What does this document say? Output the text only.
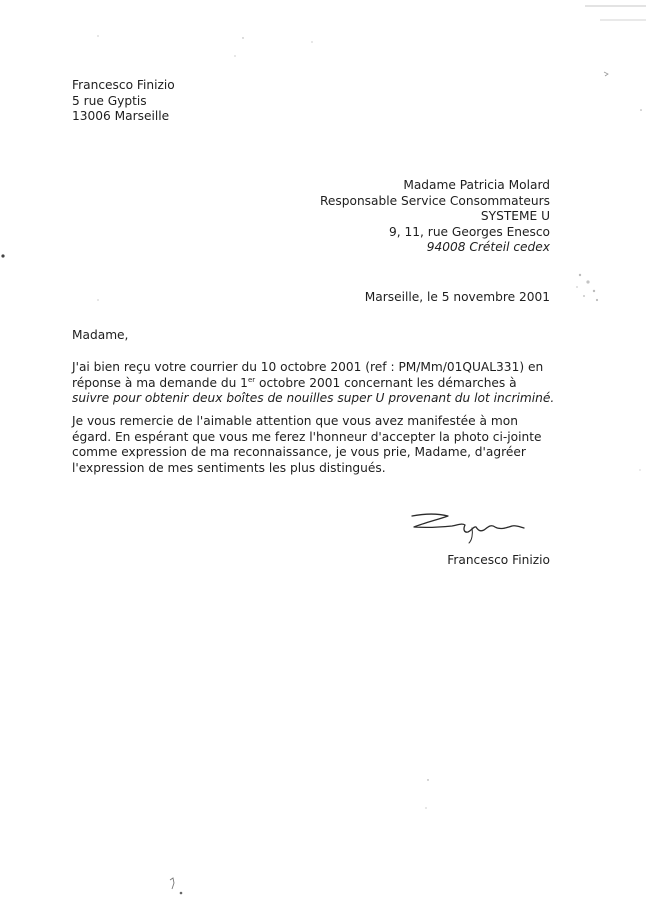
Francesco Finizio
5 rue Gyptis
13006 Marseille
Madame Patricia Molard
Responsable Service Consommateurs
SYSTEME U
9, 11, rue Georges Enesco
94008 Créteil cedex
Marseille, le 5 novembre 2001
Madame,
J'ai bien reçu votre courrier du 10 octobre 2001 (ref : PM/Mm/01QUAL331) en
réponse à ma demande du 1er octobre 2001 concernant les démarches à
suivre pour obtenir deux boîtes de nouilles super U provenant du lot incriminé.
Je vous remercie de l'aimable attention que vous avez manifestée à mon
égard. En espérant que vous me ferez l'honneur d'accepter la photo ci-jointe
comme expression de ma reconnaissance, je vous prie, Madame, d'agréer
l'expression de mes sentiments les plus distingués.
Francesco Finizio
